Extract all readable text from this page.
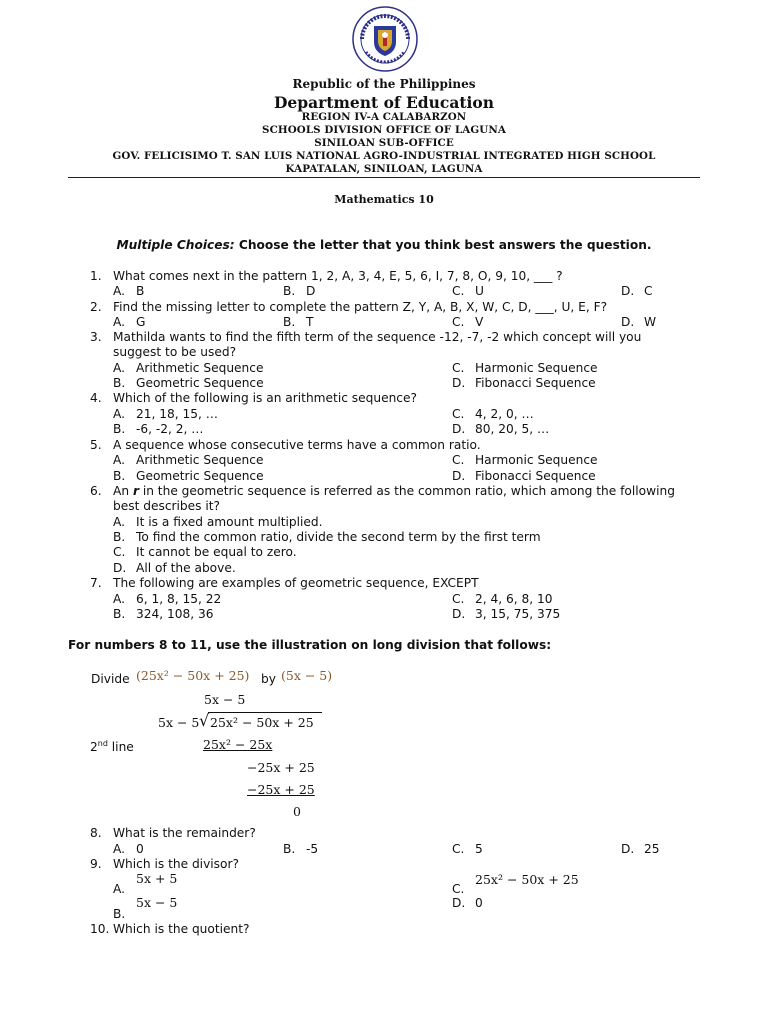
Republic of the Philippines
Department of Education
REGION IV-A CALABARZON
SCHOOLS DIVISION OFFICE OF LAGUNA
SINILOAN SUB-OFFICE
GOV. FELICISIMO T. SAN LUIS NATIONAL AGRO-INDUSTRIAL INTEGRATED HIGH SCHOOL
KAPATALAN, SINILOAN, LAGUNA
Mathematics 10
Multiple Choices: Choose the letter that you think best answers the question.
1. What comes next in the pattern 1, 2, A, 3, 4, E, 5, 6, I, 7, 8, O, 9, 10, ___ ?
A. B	B. D	C. U	D. C
2. Find the missing letter to complete the pattern Z, Y, A, B, X, W, C, D, ___, U, E, F?
A. G	B. T	C. V	D. W
3. Mathilda wants to find the fifth term of the sequence -12, -7, -2 which concept will you
suggest to be used?
A. Arithmetic Sequence
B. Geometric Sequence
C. Harmonic Sequence
D. Fibonacci Sequence
4. Which of the following is an arithmetic sequence?
A. 21, 18, 15, …
B. -6, -2, 2, …
C. 4, 2, 0, …
D. 80, 20, 5, …
5. A sequence whose consecutive terms have a common ratio.
A. Arithmetic Sequence
B. Geometric Sequence
C. Harmonic Sequence
D. Fibonacci Sequence
6. An r in the geometric sequence is referred as the common ratio, which among the following
best describes it?
A. It is a fixed amount multiplied.
B. To find the common ratio, divide the second term by the first term
C. It cannot be equal to zero.
D. All of the above.
7. The following are examples of geometric sequence, EXCEPT
A. 6, 1, 8, 15, 22
B. 324, 108, 36
C. 2, 4, 6, 8, 10
D. 3, 15, 75, 375
For numbers 8 to 11, use the illustration on long division that follows:
Divide (25x² − 50x + 25) by (5x − 5)
5x − 5
5x − 5 √ 25x² − 50x + 25
2nd line	25x² − 25x
−25x + 25
−25x + 25
0
8. What is the remainder?
A. 0	B. -5	C. 5	D. 25
9. Which is the divisor?
5x + 5
A.
5x − 5
B.
25x² − 50x + 25
C.
D. 0
10. Which is the quotient?
